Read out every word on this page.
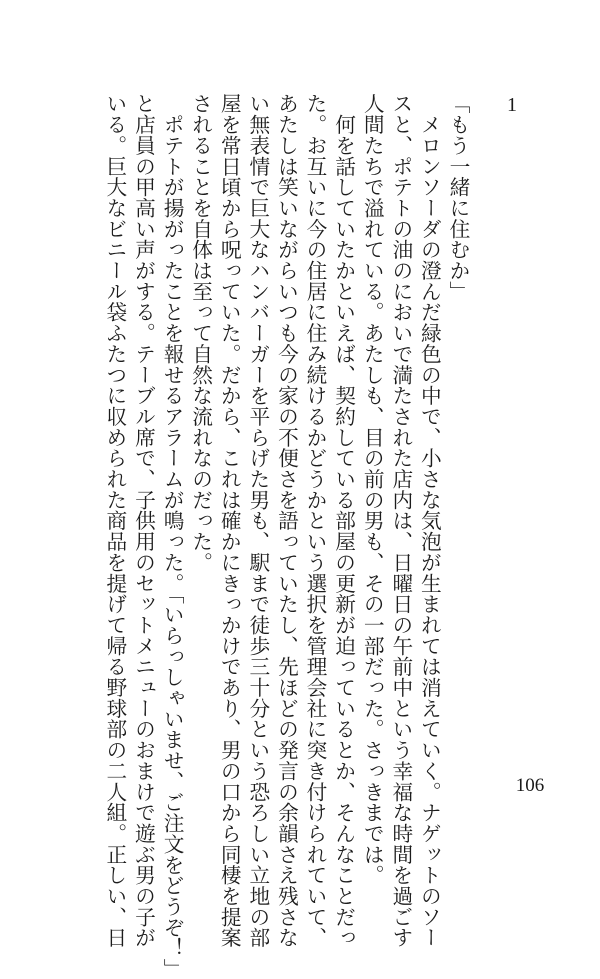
1
「もう一緒に住むか」
　メロンソーダの澄んだ緑色の中で、小さな気泡が生まれては消えていく。ナゲットのソー
スと、ポテトの油のにおいで満たされた店内は、日曜日の午前中という幸福な時間を過ごす
人間たちで溢れている。あたしも、目の前の男も、その一部だった。さっきまでは。
　何を話していたかといえば、契約している部屋の更新が迫っているとか、そんなことだっ
た。お互いに今の住居に住み続けるかどうかという選択を管理会社に突き付けられていて、
あたしは笑いながらいつも今の家の不便さを語っていたし、先ほどの発言の余韻さえ残さな
い無表情で巨大なハンバーガーを平らげた男も、駅まで徒歩三十分という恐ろしい立地の部
屋を常日頃から呪っていた。だから、これは確かにきっかけであり、男の口から同棲を提案
されることを自体は至って自然な流れなのだった。
　ポテトが揚がったことを報せるアラームが鳴った。「いらっしゃいませ、ご注文をどうぞ！」
と店員の甲高い声がする。テーブル席で、子供用のセットメニューのおまけで遊ぶ男の子が
いる。巨大なビニール袋ふたつに収められた商品を提げて帰る野球部の二人組。正しい、日	106
